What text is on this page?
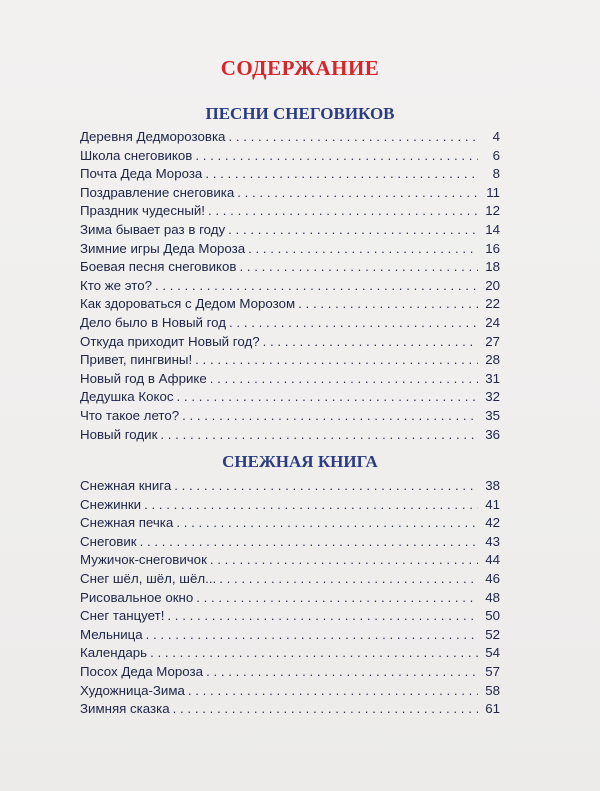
СОДЕРЖАНИЕ
ПЕСНИ СНЕГОВИКОВ
Деревня Дедморозовка . . .	4
Школа снеговиков . . .	6
Почта Деда Мороза . . .	8
Поздравление снеговика . . .	11
Праздник чудесный! . . .	12
Зима бывает раз в году . . .	14
Зимние игры Деда Мороза . . .	16
Боевая песня снеговиков . . .	18
Кто же это? . . .	20
Как здороваться с Дедом Морозом . . .	22
Дело было в Новый год . . .	24
Откуда приходит Новый год? . . .	27
Привет, пингвины! . . .	28
Новый год в Африке . . .	31
Дедушка Кокос . . .	32
Что такое лето? . . .	35
Новый годик . . .	36
СНЕЖНАЯ КНИГА
Снежная книга . . .	38
Снежинки . . .	41
Снежная печка . . .	42
Снеговик . . .	43
Мужичок-снеговичок . . .	44
Снег шёл, шёл, шёл... . . .	46
Рисовальное окно . . .	48
Снег танцует! . . .	50
Мельница . . .	52
Календарь . . .	54
Посох Деда Мороза . . .	57
Художница-Зима . . .	58
Зимняя сказка . . .	61
